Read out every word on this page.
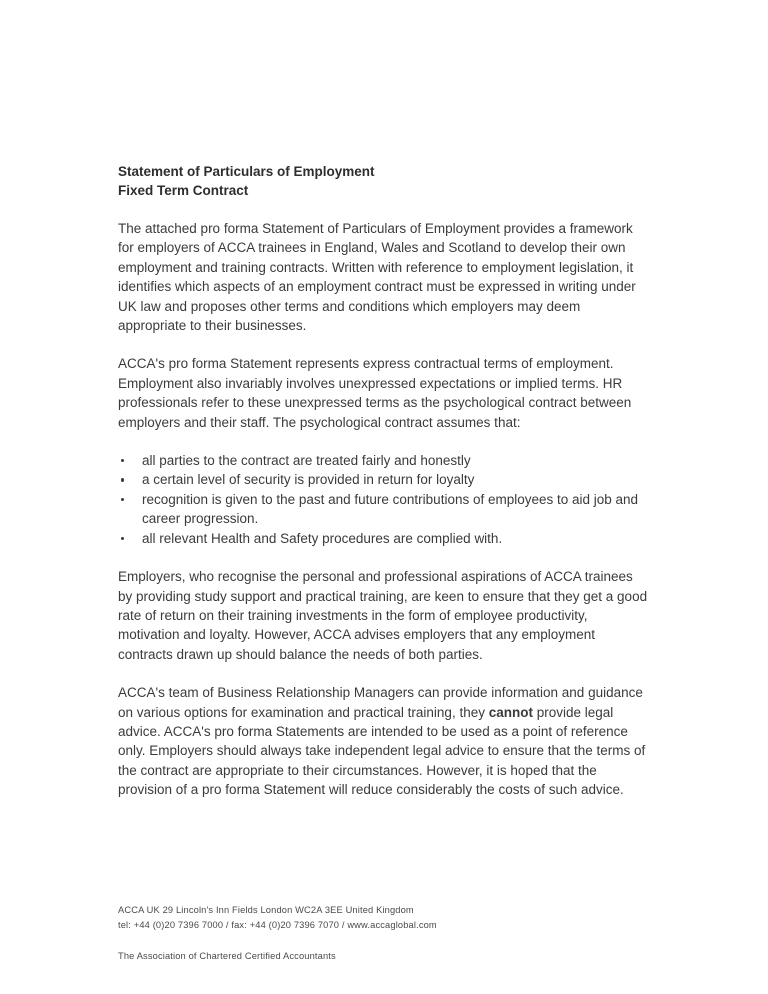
Statement of Particulars of Employment
Fixed Term Contract

The attached pro forma Statement of Particulars of Employment provides a framework for employers of ACCA trainees in England, Wales and Scotland to develop their own employment and training contracts. Written with reference to employment legislation, it identifies which aspects of an employment contract must be expressed in writing under UK law and proposes other terms and conditions which employers may deem appropriate to their businesses.

ACCA's pro forma Statement represents express contractual terms of employment. Employment also invariably involves unexpressed expectations or implied terms. HR professionals refer to these unexpressed terms as the psychological contract between employers and their staff. The psychological contract assumes that:

all parties to the contract are treated fairly and honestly
a certain level of security is provided in return for loyalty
recognition is given to the past and future contributions of employees to aid job and career progression.
all relevant Health and Safety procedures are complied with.

Employers, who recognise the personal and professional aspirations of ACCA trainees by providing study support and practical training, are keen to ensure that they get a good rate of return on their training investments in the form of employee productivity, motivation and loyalty. However, ACCA advises employers that any employment contracts drawn up should balance the needs of both parties.

ACCA's team of Business Relationship Managers can provide information and guidance on various options for examination and practical training, they cannot provide legal advice. ACCA's pro forma Statements are intended to be used as a point of reference only. Employers should always take independent legal advice to ensure that the terms of the contract are appropriate to their circumstances. However, it is hoped that the provision of a pro forma Statement will reduce considerably the costs of such advice.

ACCA UK 29 Lincoln's Inn Fields London WC2A 3EE United Kingdom
tel: +44 (0)20 7396 7000 / fax: +44 (0)20 7396 7070 / www.accaglobal.com
The Association of Chartered Certified Accountants
